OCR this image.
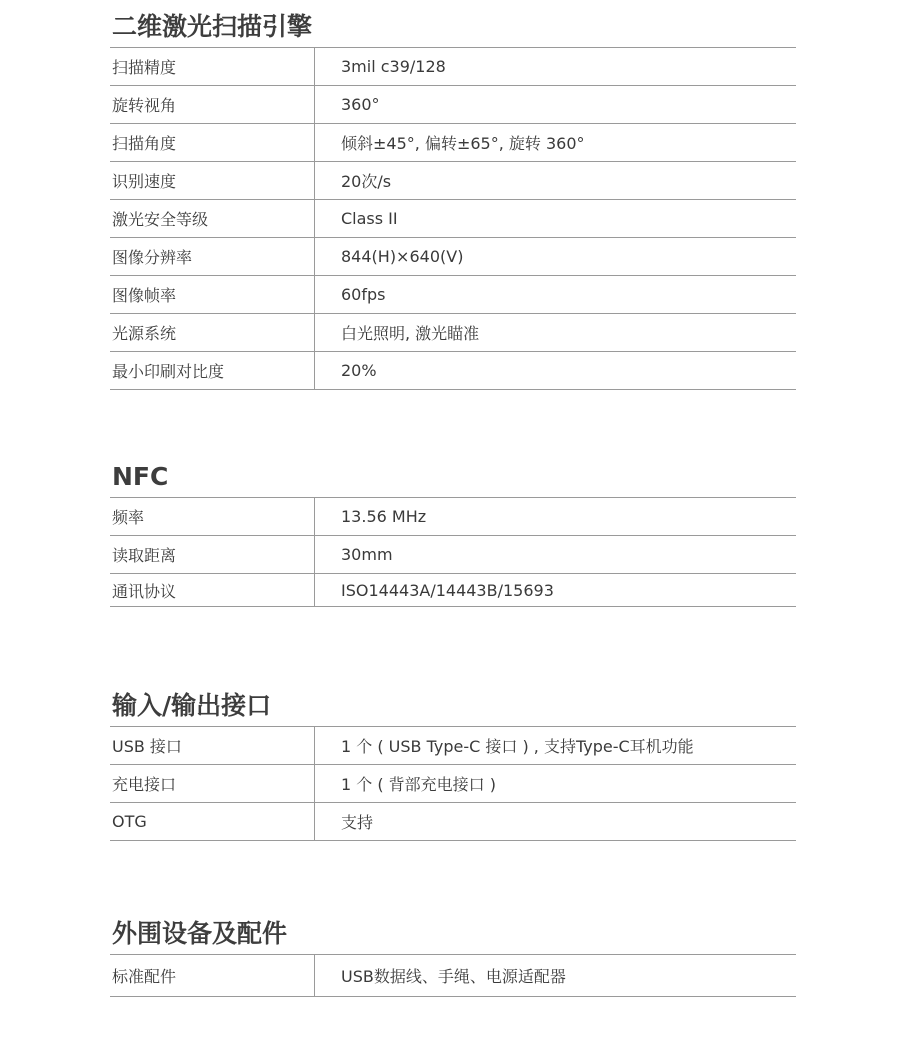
二维激光扫描引擎
扫描精度	3mil c39/128
旋转视角	360°
扫描角度	倾斜±45°, 偏转±65°, 旋转 360°
识别速度	20次/s
激光安全等级	Class II
图像分辨率	844(H)×640(V)
图像帧率	60fps
光源系统	白光照明, 激光瞄准
最小印刷对比度	20%
NFC
频率	13.56 MHz
读取距离	30mm
通讯协议	ISO14443A/14443B/15693
输入/输出接口
USB 接口	1 个 ( USB Type-C 接口 ) , 支持Type-C耳机功能
充电接口	1 个 ( 背部充电接口 )
OTG	支持
外围设备及配件
标准配件	USB数据线、手绳、电源适配器
